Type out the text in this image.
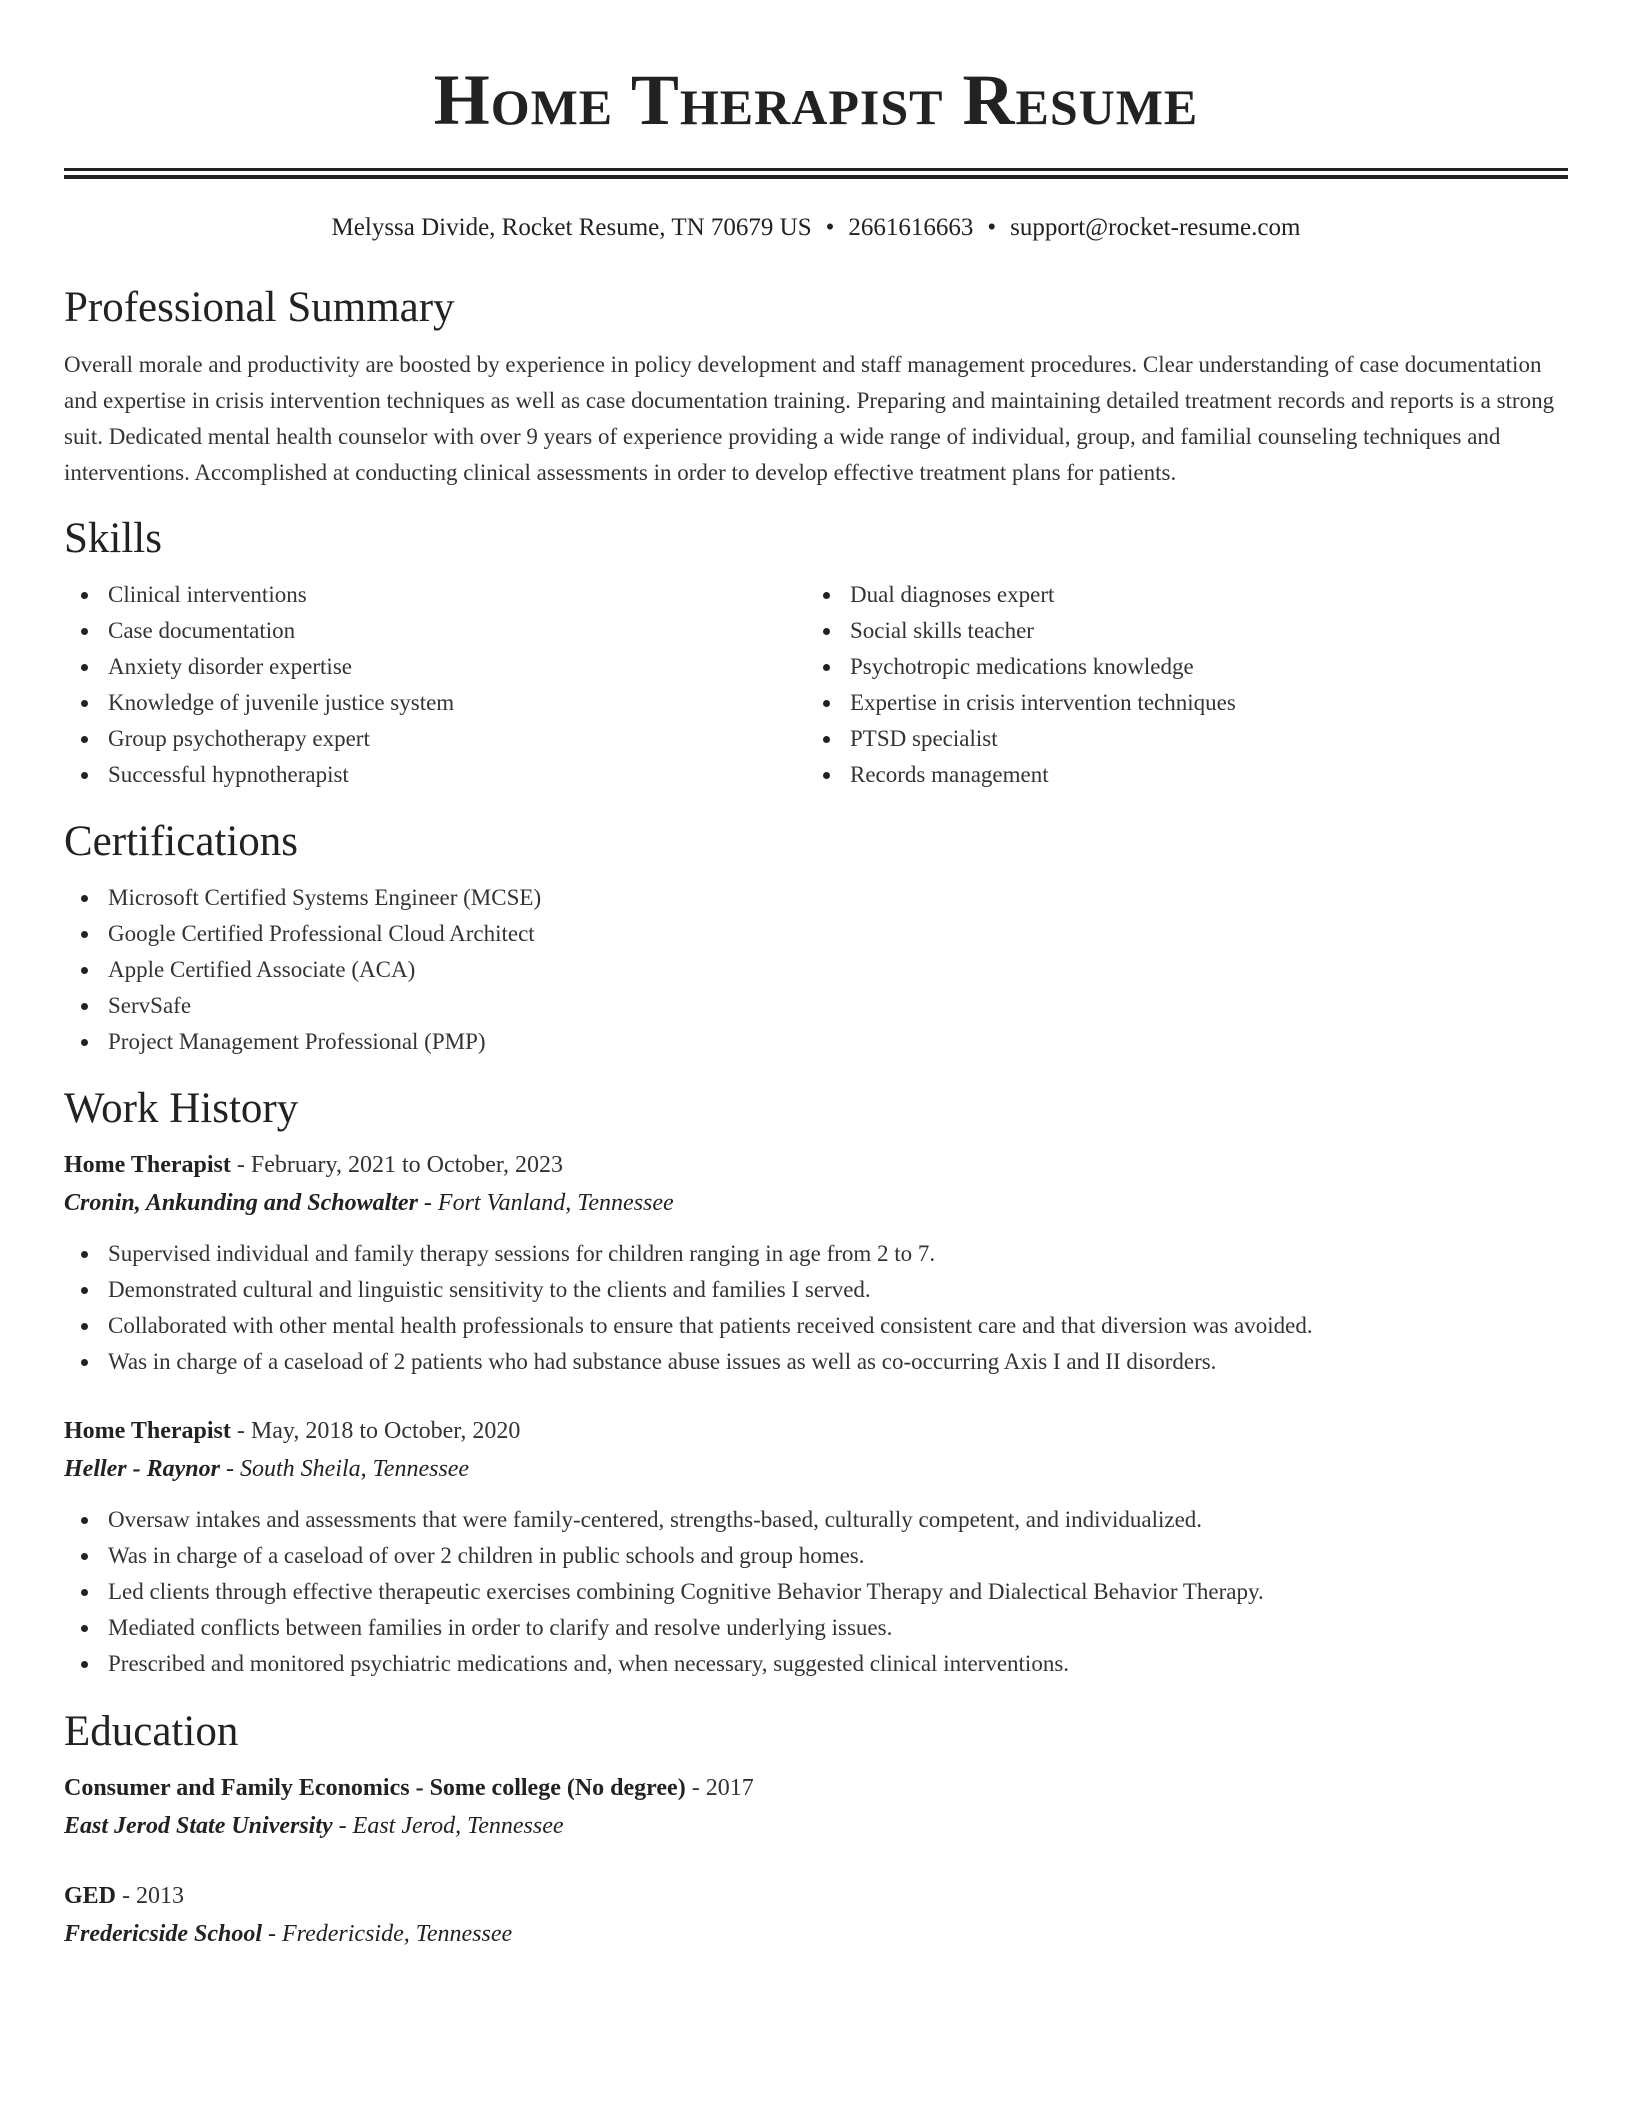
Home Therapist Resume
Melyssa Divide, Rocket Resume, TN 70679 US • 2661616663 • support@rocket-resume.com
Professional Summary

Overall morale and productivity are boosted by experience in policy development and staff management procedures. Clear understanding of case documentation and expertise in crisis intervention techniques as well as case documentation training. Preparing and maintaining detailed treatment records and reports is a strong suit. Dedicated mental health counselor with over 9 years of experience providing a wide range of individual, group, and familial counseling techniques and interventions. Accomplished at conducting clinical assessments in order to develop effective treatment plans for patients.

Skills
Clinical interventions
Case documentation
Anxiety disorder expertise
Knowledge of juvenile justice system
Group psychotherapy expert
Successful hypnotherapist
Dual diagnoses expert
Social skills teacher
Psychotropic medications knowledge
Expertise in crisis intervention techniques
PTSD specialist
Records management
Certifications
Microsoft Certified Systems Engineer (MCSE)
Google Certified Professional Cloud Architect
Apple Certified Associate (ACA)
ServSafe
Project Management Professional (PMP)
Work History
Home Therapist - February, 2021 to October, 2023
Cronin, Ankunding and Schowalter - Fort Vanland, Tennessee
Supervised individual and family therapy sessions for children ranging in age from 2 to 7.
Demonstrated cultural and linguistic sensitivity to the clients and families I served.
Collaborated with other mental health professionals to ensure that patients received consistent care and that diversion was avoided.
Was in charge of a caseload of 2 patients who had substance abuse issues as well as co-occurring Axis I and II disorders.
Home Therapist - May, 2018 to October, 2020
Heller - Raynor - South Sheila, Tennessee
Oversaw intakes and assessments that were family-centered, strengths-based, culturally competent, and individualized.
Was in charge of a caseload of over 2 children in public schools and group homes.
Led clients through effective therapeutic exercises combining Cognitive Behavior Therapy and Dialectical Behavior Therapy.
Mediated conflicts between families in order to clarify and resolve underlying issues.
Prescribed and monitored psychiatric medications and, when necessary, suggested clinical interventions.
Education
Consumer and Family Economics - Some college (No degree) - 2017
East Jerod State University - East Jerod, Tennessee
GED - 2013
Fredericside School - Fredericside, Tennessee
